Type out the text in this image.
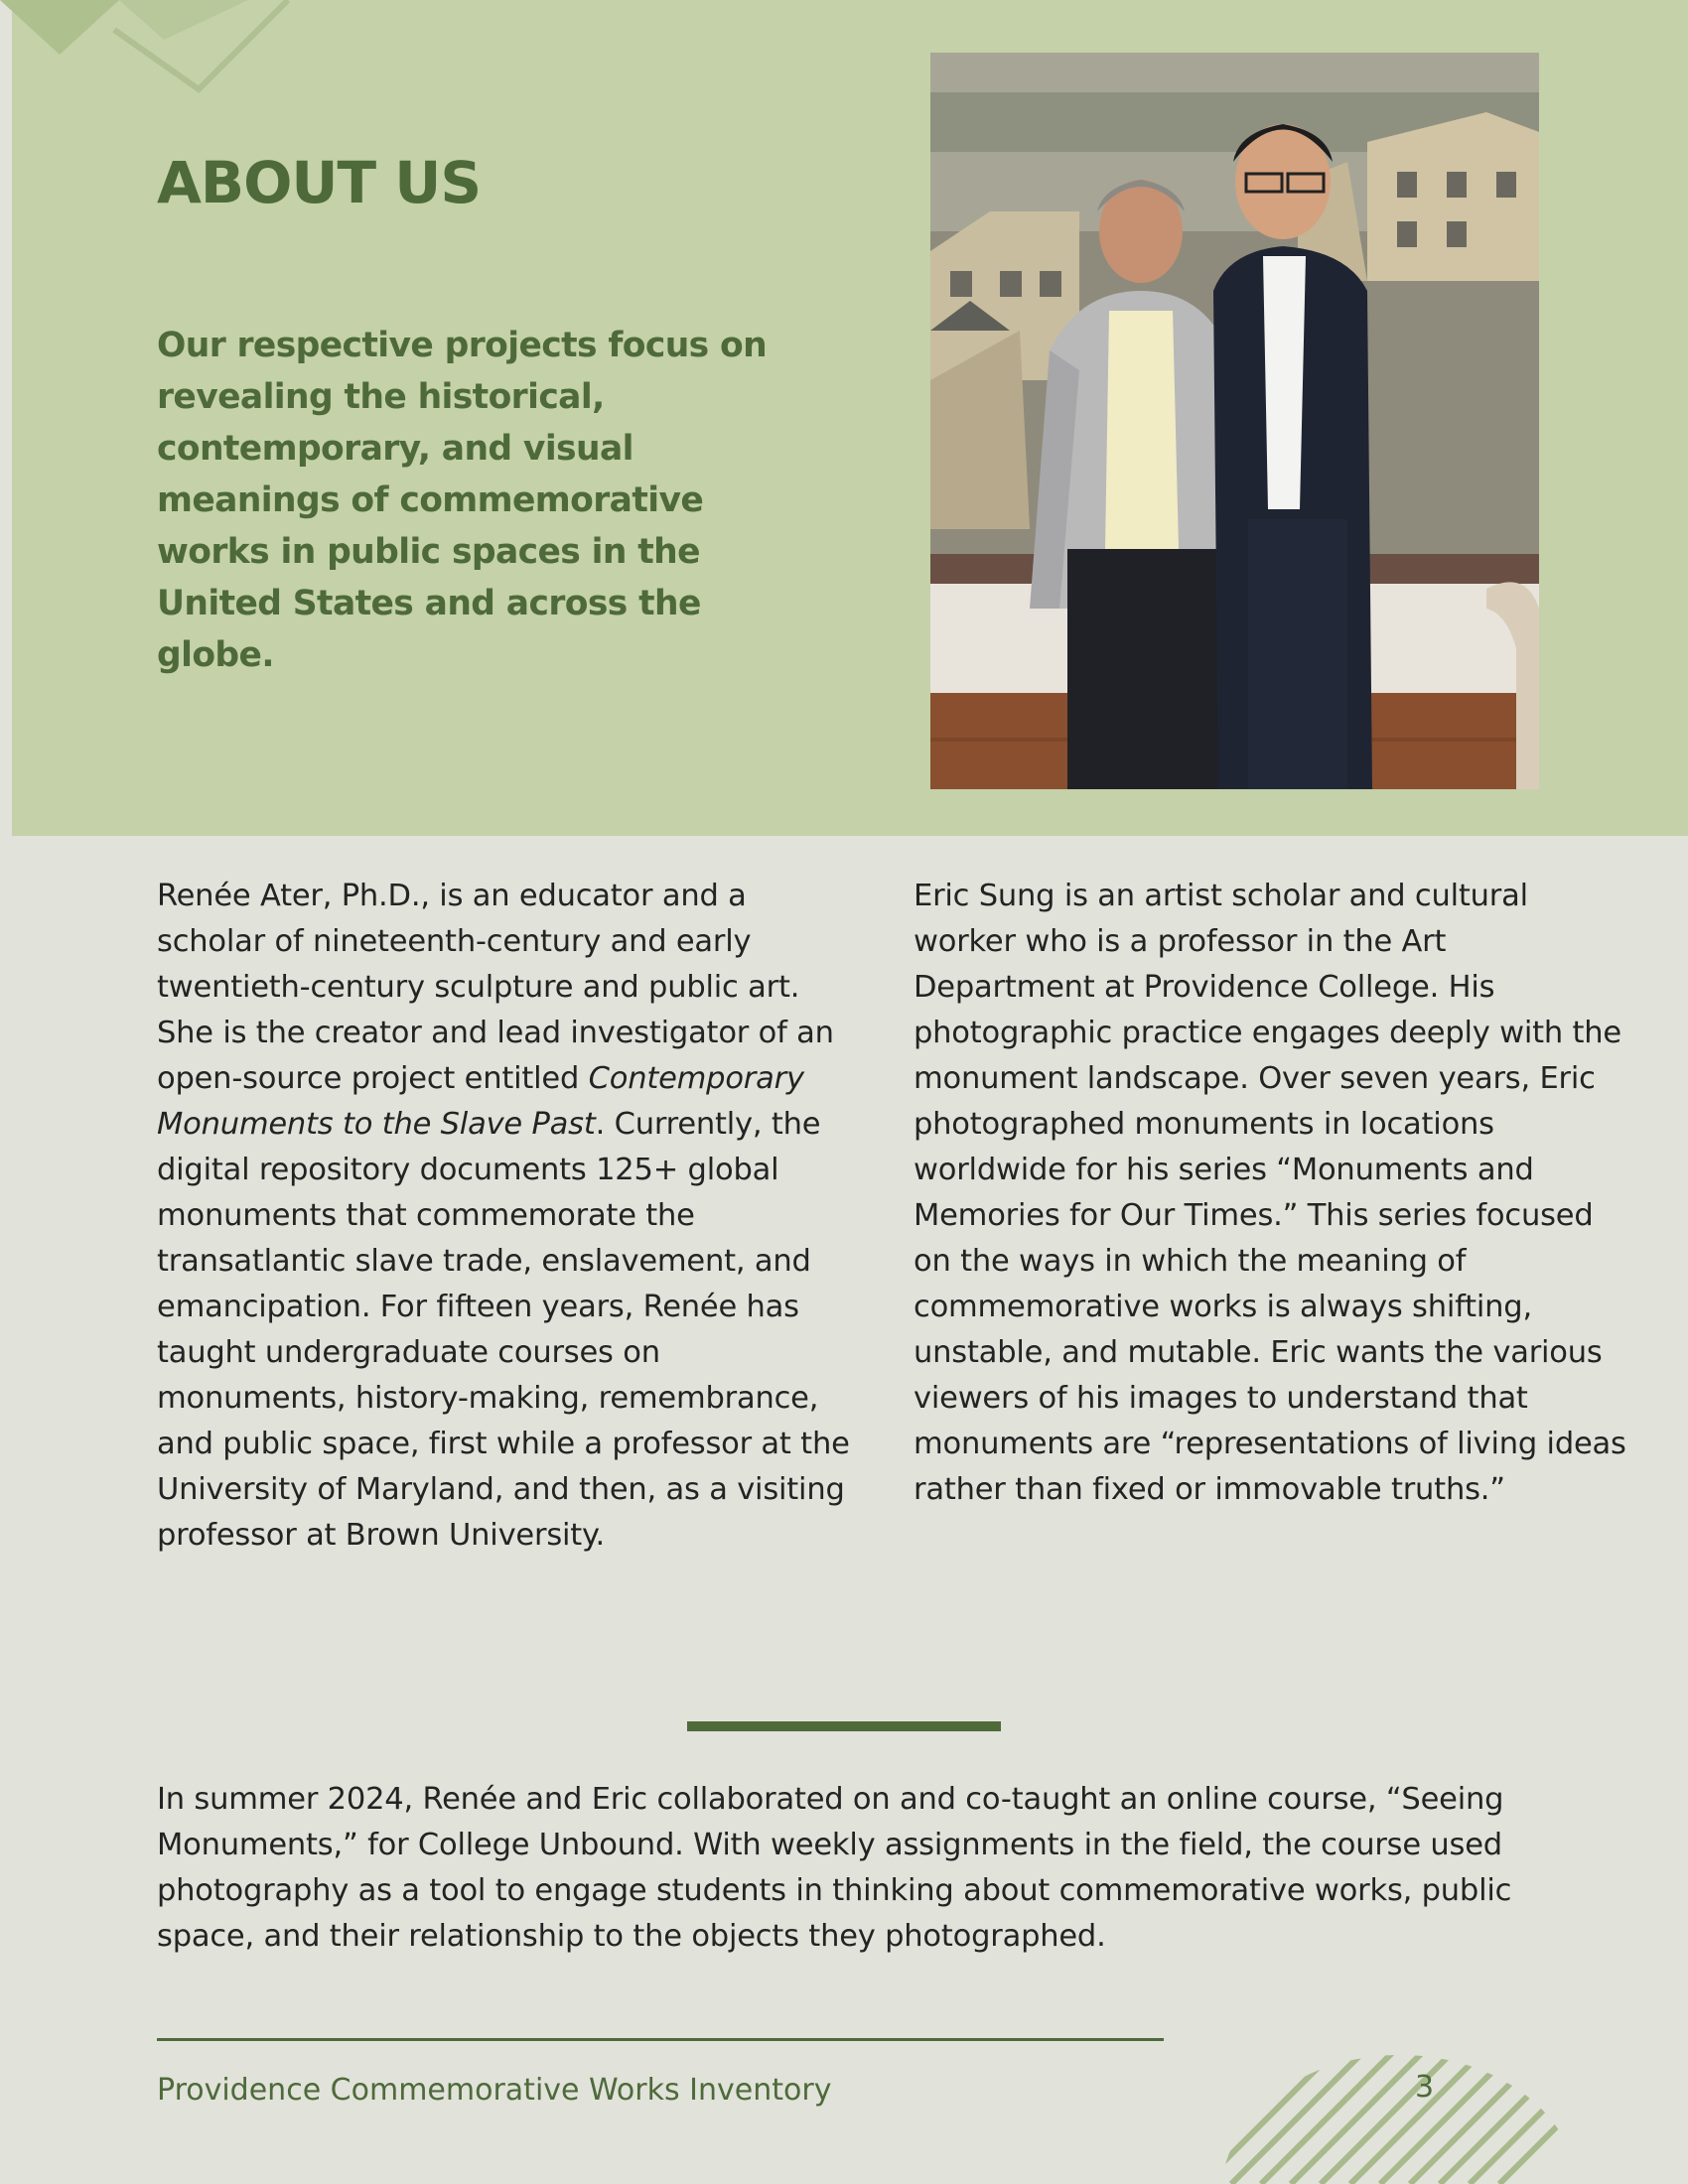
ABOUT US

Our respective projects focus on revealing the historical, contemporary, and visual meanings of commemorative works in public spaces in the United States and across the globe.

Renée Ater, Ph.D., is an educator and a scholar of nineteenth-century and early twentieth-century sculpture and public art. She is the creator and lead investigator of an open-source project entitled Contemporary Monuments to the Slave Past. Currently, the digital repository documents 125+ global monuments that commemorate the transatlantic slave trade, enslavement, and emancipation. For fifteen years, Renée has taught undergraduate courses on monuments, history-making, remembrance, and public space, first while a professor at the University of Maryland, and then, as a visiting professor at Brown University.

Eric Sung is an artist scholar and cultural worker who is a professor in the Art Department at Providence College. His photographic practice engages deeply with the monument landscape. Over seven years, Eric photographed monuments in locations worldwide for his series “Monuments and Memories for Our Times.” This series focused on the ways in which the meaning of commemorative works is always shifting, unstable, and mutable. Eric wants the various viewers of his images to understand that monuments are “representations of living ideas rather than fixed or immovable truths.”

In summer 2024, Renée and Eric collaborated on and co-taught an online course, “Seeing Monuments,” for College Unbound. With weekly assignments in the field, the course used photography as a tool to engage students in thinking about commemorative works, public space, and their relationship to the objects they photographed.

Providence Commemorative Works Inventory	3
